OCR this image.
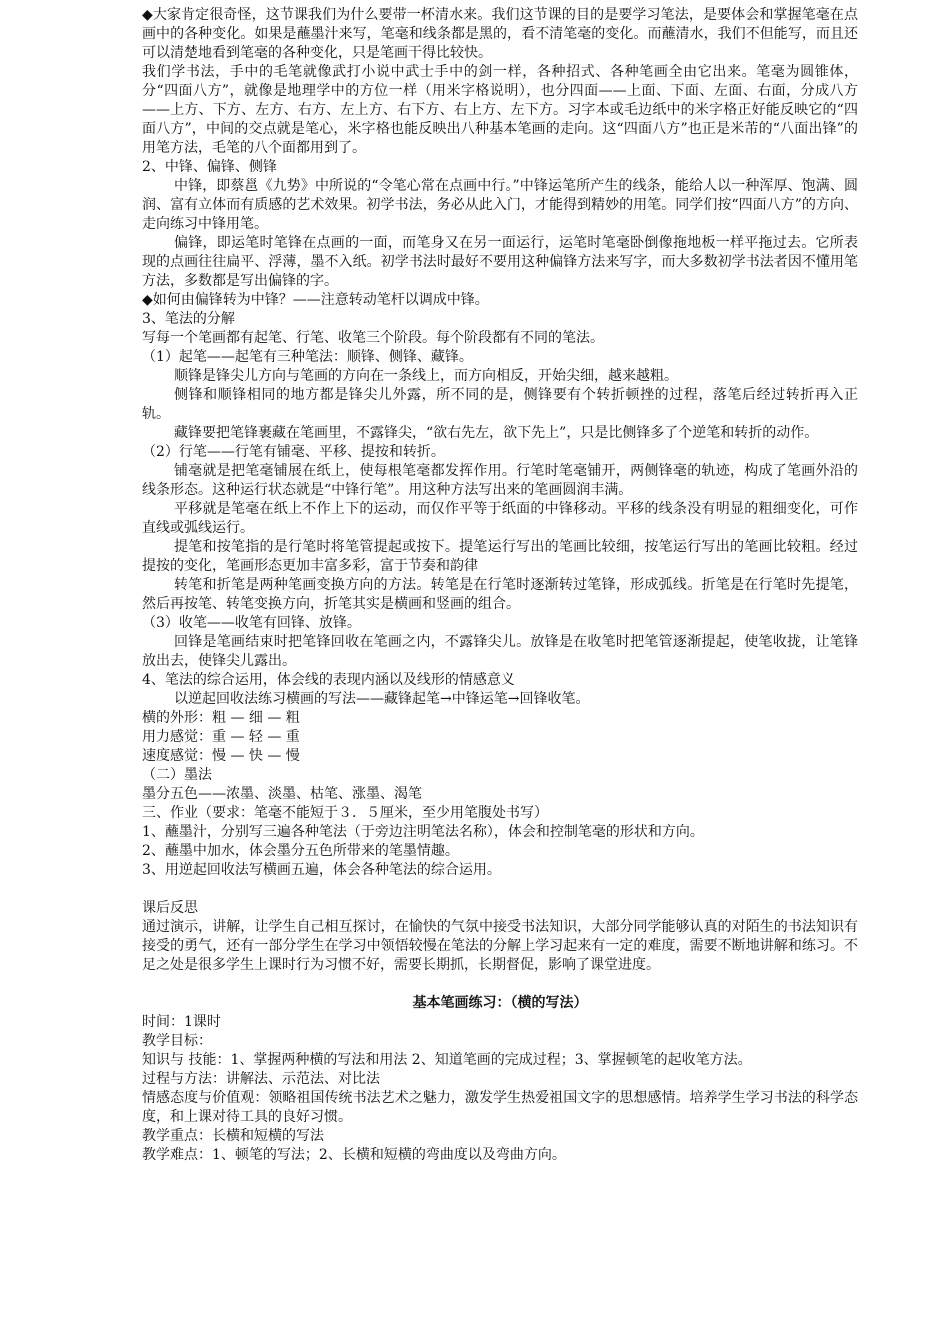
◆大家肯定很奇怪，这节课我们为什么要带一杯清水来。我们这节课的目的是要学习笔法，是要体会和掌握笔毫在点画中的各种变化。如果是蘸墨汁来写，笔毫和线条都是黑的，看不清笔毫的变化。而蘸清水，我们不但能写，而且还可以清楚地看到笔毫的各种变化，只是笔画干得比较快。

我们学书法，手中的毛笔就像武打小说中武士手中的剑一样，各种招式、各种笔画全由它出来。笔毫为圆锥体，分“四面八方”，就像是地理学中的方位一样（用米字格说明），也分四面——上面、下面、左面、右面，分成八方——上方、下方、左方、右方、左上方、右下方、右上方、左下方。习字本或毛边纸中的米字格正好能反映它的“四面八方”，中间的交点就是笔心，米字格也能反映出八种基本笔画的走向。这“四面八方”也正是米芾的“八面出锋”的用笔方法，毛笔的八个面都用到了。

2、中锋、偏锋、侧锋

中锋，即蔡邕《九势》中所说的“令笔心常在点画中行。”中锋运笔所产生的线条，能给人以一种浑厚、饱满、圆润、富有立体而有质感的艺术效果。初学书法，务必从此入门，才能得到精妙的用笔。同学们按“四面八方”的方向、走向练习中锋用笔。

偏锋，即运笔时笔锋在点画的一面，而笔身又在另一面运行，运笔时笔毫卧倒像拖地板一样平拖过去。它所表现的点画往往扁平、浮薄，墨不入纸。初学书法时最好不要用这种偏锋方法来写字，而大多数初学书法者因不懂用笔方法，多数都是写出偏锋的字。

◆如何由偏锋转为中锋？——注意转动笔杆以调成中锋。

3、笔法的分解

写每一个笔画都有起笔、行笔、收笔三个阶段。每个阶段都有不同的笔法。

（1）起笔——起笔有三种笔法：顺锋、侧锋、藏锋。

顺锋是锋尖儿方向与笔画的方向在一条线上，而方向相反，开始尖细，越来越粗。

侧锋和顺锋相同的地方都是锋尖儿外露，所不同的是，侧锋要有个转折顿挫的过程，落笔后经过转折再入正轨。

藏锋要把笔锋裹藏在笔画里，不露锋尖，“欲右先左，欲下先上”，只是比侧锋多了个逆笔和转折的动作。

（2）行笔——行笔有铺毫、平移、提按和转折。

铺毫就是把笔毫铺展在纸上，使每根笔毫都发挥作用。行笔时笔毫铺开，两侧锋毫的轨迹，构成了笔画外沿的线条形态。这种运行状态就是“中锋行笔”。用这种方法写出来的笔画圆润丰满。

平移就是笔毫在纸上不作上下的运动，而仅作平等于纸面的中锋移动。平移的线条没有明显的粗细变化，可作直线或弧线运行。

提笔和按笔指的是行笔时将笔管提起或按下。提笔运行写出的笔画比较细，按笔运行写出的笔画比较粗。经过提按的变化，笔画形态更加丰富多彩，富于节奏和韵律

转笔和折笔是两种笔画变换方向的方法。转笔是在行笔时逐渐转过笔锋，形成弧线。折笔是在行笔时先提笔，然后再按笔、转笔变换方向，折笔其实是横画和竖画的组合。

（3）收笔——收笔有回锋、放锋。

回锋是笔画结束时把笔锋回收在笔画之内，不露锋尖儿。放锋是在收笔时把笔管逐渐提起，使笔收拢，让笔锋放出去，使锋尖儿露出。

4、笔法的综合运用，体会线的表现内涵以及线形的情感意义

以逆起回收法练习横画的写法——藏锋起笔→中锋运笔→回锋收笔。

横的外形：粗 — 细 — 粗

用力感觉：重 — 轻 — 重

速度感觉：慢 — 快 — 慢

（二）墨法

墨分五色——浓墨、淡墨、枯笔、涨墨、渴笔

三、作业（要求：笔毫不能短于３．５厘米，至少用笔腹处书写）

1、蘸墨汁，分别写三遍各种笔法（于旁边注明笔法名称），体会和控制笔毫的形状和方向。

2、蘸墨中加水，体会墨分五色所带来的笔墨情趣。

3、用逆起回收法写横画五遍，体会各种笔法的综合运用。

课后反思

通过演示，讲解，让学生自己相互探讨，在愉快的气氛中接受书法知识，大部分同学能够认真的对陌生的书法知识有接受的勇气，还有一部分学生在学习中领悟较慢在笔法的分解上学习起来有一定的难度，需要不断地讲解和练习。不足之处是很多学生上课时行为习惯不好，需要长期抓，长期督促，影响了课堂进度。

基本笔画练习：（横的写法）

时间：1课时

教学目标：

知识与 技能：1、掌握两种横的写法和用法 2、知道笔画的完成过程；3、掌握顿笔的起收笔方法。

过程与方法：讲解法、示范法、对比法

情感态度与价值观：领略祖国传统书法艺术之魅力，激发学生热爱祖国文字的思想感情。培养学生学习书法的科学态度，和上课对待工具的良好习惯。

教学重点：长横和短横的写法

教学难点：1、顿笔的写法；2、长横和短横的弯曲度以及弯曲方向。
